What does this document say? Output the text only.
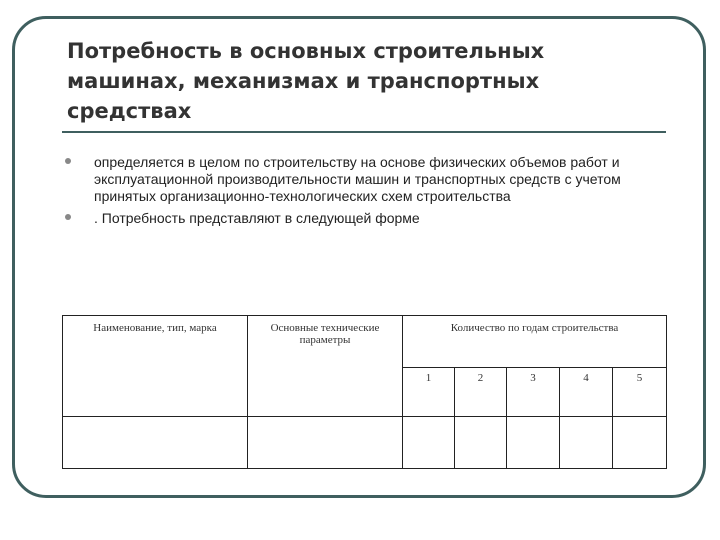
Потребность в основных строительных машинах, механизмах и транспортных средствах
определяется в целом по строительству на основе физических объемов работ и эксплуатационной производительности машин и транспортных средств с учетом принятых организационно-технологических схем строительства
. Потребность представляют в следующей форме
Наименование, тип, марка	Основные технические параметры	Количество по годам строительства				
		1	2	3	4	5
